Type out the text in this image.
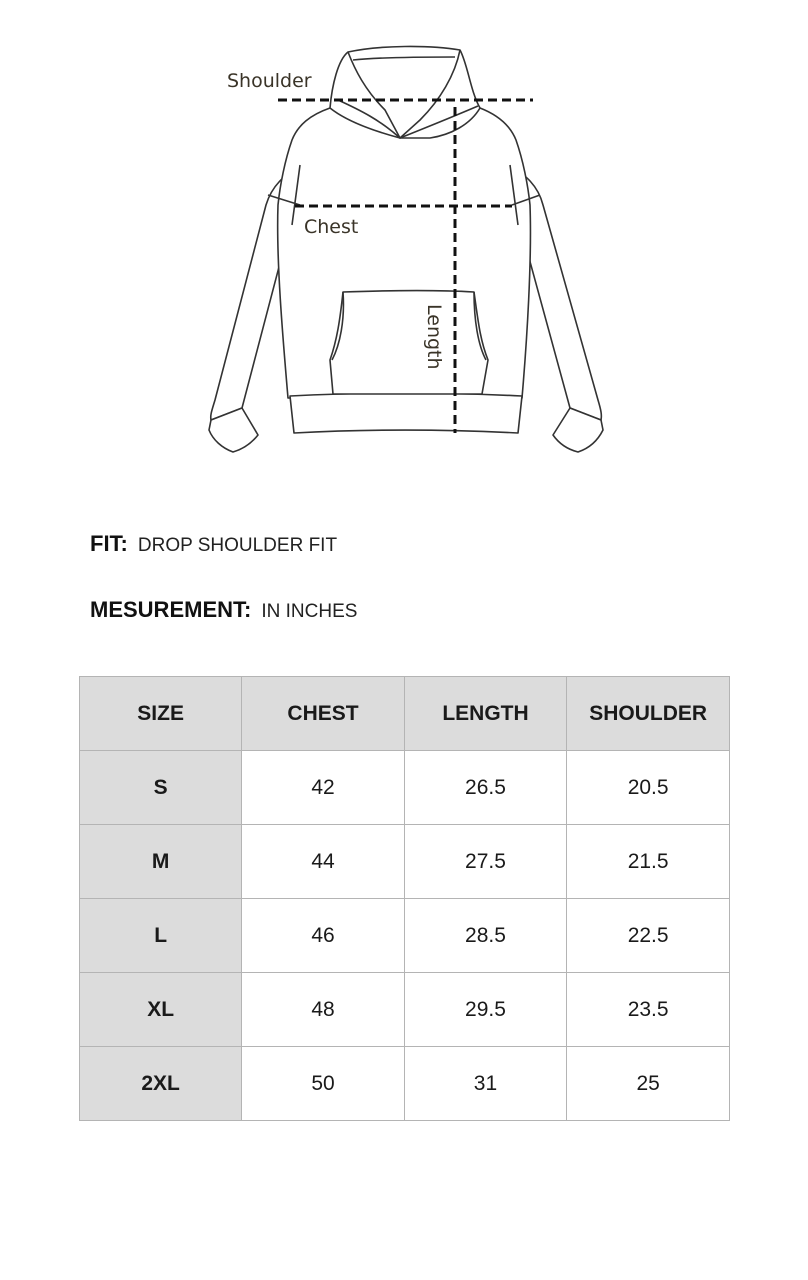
Shoulder
Chest
Length
FIT: DROP SHOULDER FIT
MESUREMENT: IN INCHES
SIZE	CHEST	LENGTH	SHOULDER
S	42	26.5	20.5
M	44	27.5	21.5
L	46	28.5	22.5
XL	48	29.5	23.5
2XL	50	31	25
